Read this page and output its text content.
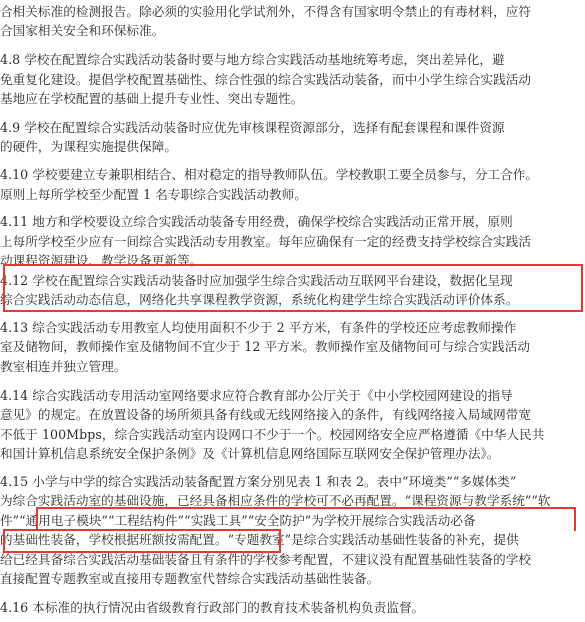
合相关标准的检测报告。除必须的实验用化学试剂外，不得含有国家明令禁止的有毒材料，应符
合国家相关安全和环保标准。
4.8 学校在配置综合实践活动装备时要与地方综合实践活动基地统筹考虑，突出差异化，避
免重复化建设。提倡学校配置基础性、综合性强的综合实践活动装备，而中小学生综合实践活动
基地应在学校配置的基础上提升专业性、突出专题性。
4.9 学校在配置综合实践活动装备时应优先审核课程资源部分，选择有配套课程和课件资源
的硬件，为课程实施提供保障。
4.10 学校要建立专兼职相结合、相对稳定的指导教师队伍。学校教职工要全员参与，分工合作。
原则上每所学校至少配置 1 名专职综合实践活动教师。
4.11 地方和学校要设立综合实践活动装备专用经费，确保学校综合实践活动正常开展，原则
上每所学校至少应有一间综合实践活动专用教室。每年应确保有一定的经费支持学校综合实践活
动课程资源建设、教学设备更新等。
4.12 学校在配置综合实践活动装备时应加强学生综合实践活动互联网平台建设，数据化呈现
综合实践活动动态信息，网络化共享课程教学资源，系统化构建学生综合实践活动评价体系。
4.13 综合实践活动专用教室人均使用面积不少于 2 平方米，有条件的学校还应考虑教师操作
室及储物间，教师操作室及储物间不宜少于 12 平方米。教师操作室及储物间可与综合实践活动
教室相连并独立管理。
4.14 综合实践活动专用活动室网络要求应符合教育部办公厅关于《中小学校园网建设的指导
意见》的规定。在放置设备的场所须具备有线或无线网络接入的条件，有线网络接入局域网带宽
不低于 100Mbps，综合实践活动室内设网口不少于一个。校园网络安全应严格遵循《中华人民共
和国计算机信息系统安全保护条例》及《计算机信息网络国际互联网安全保护管理办法》。
4.15 小学与中学的综合实践活动装备配置方案分别见表 1 和表 2。表中“环境类”“多媒体类”
为综合实践活动室的基础设施，已经具备相应条件的学校可不必再配置。“课程资源与教学系统”“软
件”“通用电子模块”“工程结构件”“实践工具”“安全防护”为学校开展综合实践活动必备
的基础性装备，学校根据班额按需配置。“专题教室”是综合实践活动基础性装备的补充，提供
给已经具备综合实践活动基础装备且有条件的学校参考配置，不建议没有配置基础性装备的学校
直接配置专题教室或直接用专题教室代替综合实践活动基础性装备。
4.16 本标准的执行情况由省级教育行政部门的教育技术装备机构负责监督。
